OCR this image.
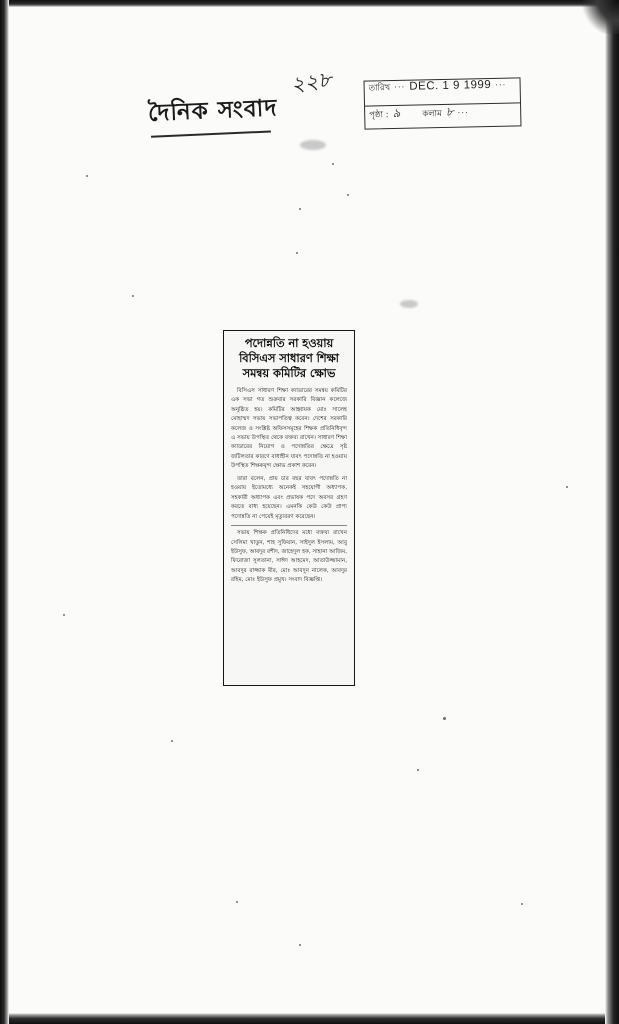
দৈনিক সংবাদ
২২৮	তারিখ ··· DEC. 1 9 1999 ···
পৃষ্ঠা : ৯	কলাম ৮ ···
পদোন্নতি না হওয়ায়
বিসিএস সাধারণ শিক্ষা
সমন্বয় কমিটির ক্ষোভ

বিসিএস সাধারণ শিক্ষা ক্যাডারের সমন্বয় কমিটির এক সভা গত শুক্রবার সরকারি বিজ্ঞান কলেজে অনুষ্ঠিত হয়। কমিটির আহ্বায়ক মোঃ সালেহ মোহাম্মদ সভায় সভাপতিত্ব করেন। দেশের সরকারি কলেজ ও সংশ্লিষ্ট অফিসসমূহের শিক্ষক প্রতিনিধিবৃন্দ এ সভায় উপস্থিত থেকে বক্তব্য রাখেন। সাধারণ শিক্ষা ক্যাডারের নিয়োগ ও পদোন্নতির ক্ষেত্রে সৃষ্ট জটিলতার কারণে বাধাহীন যাবৎ পদোন্নতি না হওয়ায় উপস্থিত শিক্ষকবৃন্দ ক্ষোভ প্রকাশ করেন।

তারা বলেন, প্রায় চার বছর যাবৎ পদোন্নতি না হওয়ায় ইতোমধ্যে অনেকই সহযোগী অধ্যাপক, সহকারী অধ্যাপক এবং প্রভাষক পদে অবসর গ্রহণ করতে বাধ্য হয়েছেন। এমনকি কেউ কেউ প্রাপ্য পদোন্নতি না পেয়েই মৃত্যুবরণ করেছেন।

সভায় শিক্ষক প্রতিনিধিদের মধ্যে বক্তব্য রাখেন সেলিমা খাতুন, শাহ সুফিয়ান, সাইদুল ইসলাম, আবু ইউসুফ, আবদুর রশীদ, জাহেদুল হক, সাহানা আজিম, ফিরোজা সুলতানা, সাঈদ আহমেদ, আতাউজ্জামান, আবদুর রাজ্জাক মীর, মোঃ আবদুন নালেক, আবদুর রহিম, মোঃ ইউসুফ প্রমুখ। সংবাদ বিজ্ঞপ্তি।
